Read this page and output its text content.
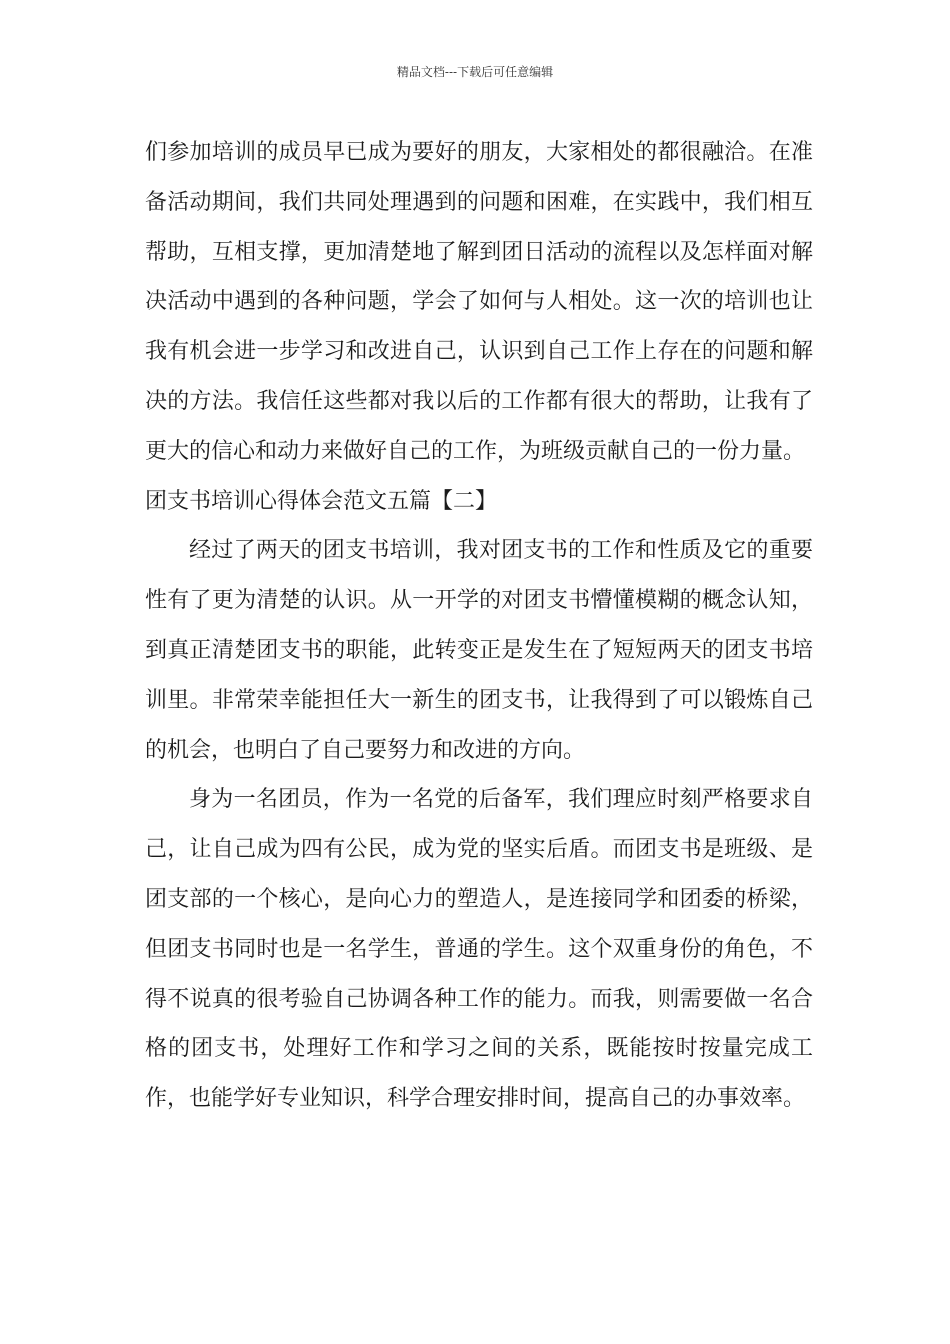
精品文档---下载后可任意编辑

们参加培训的成员早已成为要好的朋友，大家相处的都很融洽。在准备活动期间，我们共同处理遇到的问题和困难，在实践中，我们相互帮助，互相支撑，更加清楚地了解到团日活动的流程以及怎样面对解决活动中遇到的各种问题，学会了如何与人相处。这一次的培训也让我有机会进一步学习和改进自己，认识到自己工作上存在的问题和解决的方法。我信任这些都对我以后的工作都有很大的帮助，让我有了更大的信心和动力来做好自己的工作，为班级贡献自己的一份力量。

团支书培训心得体会范文五篇【二】

经过了两天的团支书培训，我对团支书的工作和性质及它的重要性有了更为清楚的认识。从一开学的对团支书懵懂模糊的概念认知，到真正清楚团支书的职能，此转变正是发生在了短短两天的团支书培训里。非常荣幸能担任大一新生的团支书，让我得到了可以锻炼自己的机会，也明白了自己要努力和改进的方向。

身为一名团员，作为一名党的后备军，我们理应时刻严格要求自己，让自己成为四有公民，成为党的坚实后盾。而团支书是班级、是团支部的一个核心，是向心力的塑造人，是连接同学和团委的桥梁，但团支书同时也是一名学生，普通的学生。这个双重身份的角色，不得不说真的很考验自己协调各种工作的能力。而我，则需要做一名合格的团支书，处理好工作和学习之间的关系，既能按时按量完成工作，也能学好专业知识，科学合理安排时间，提高自己的办事效率。
